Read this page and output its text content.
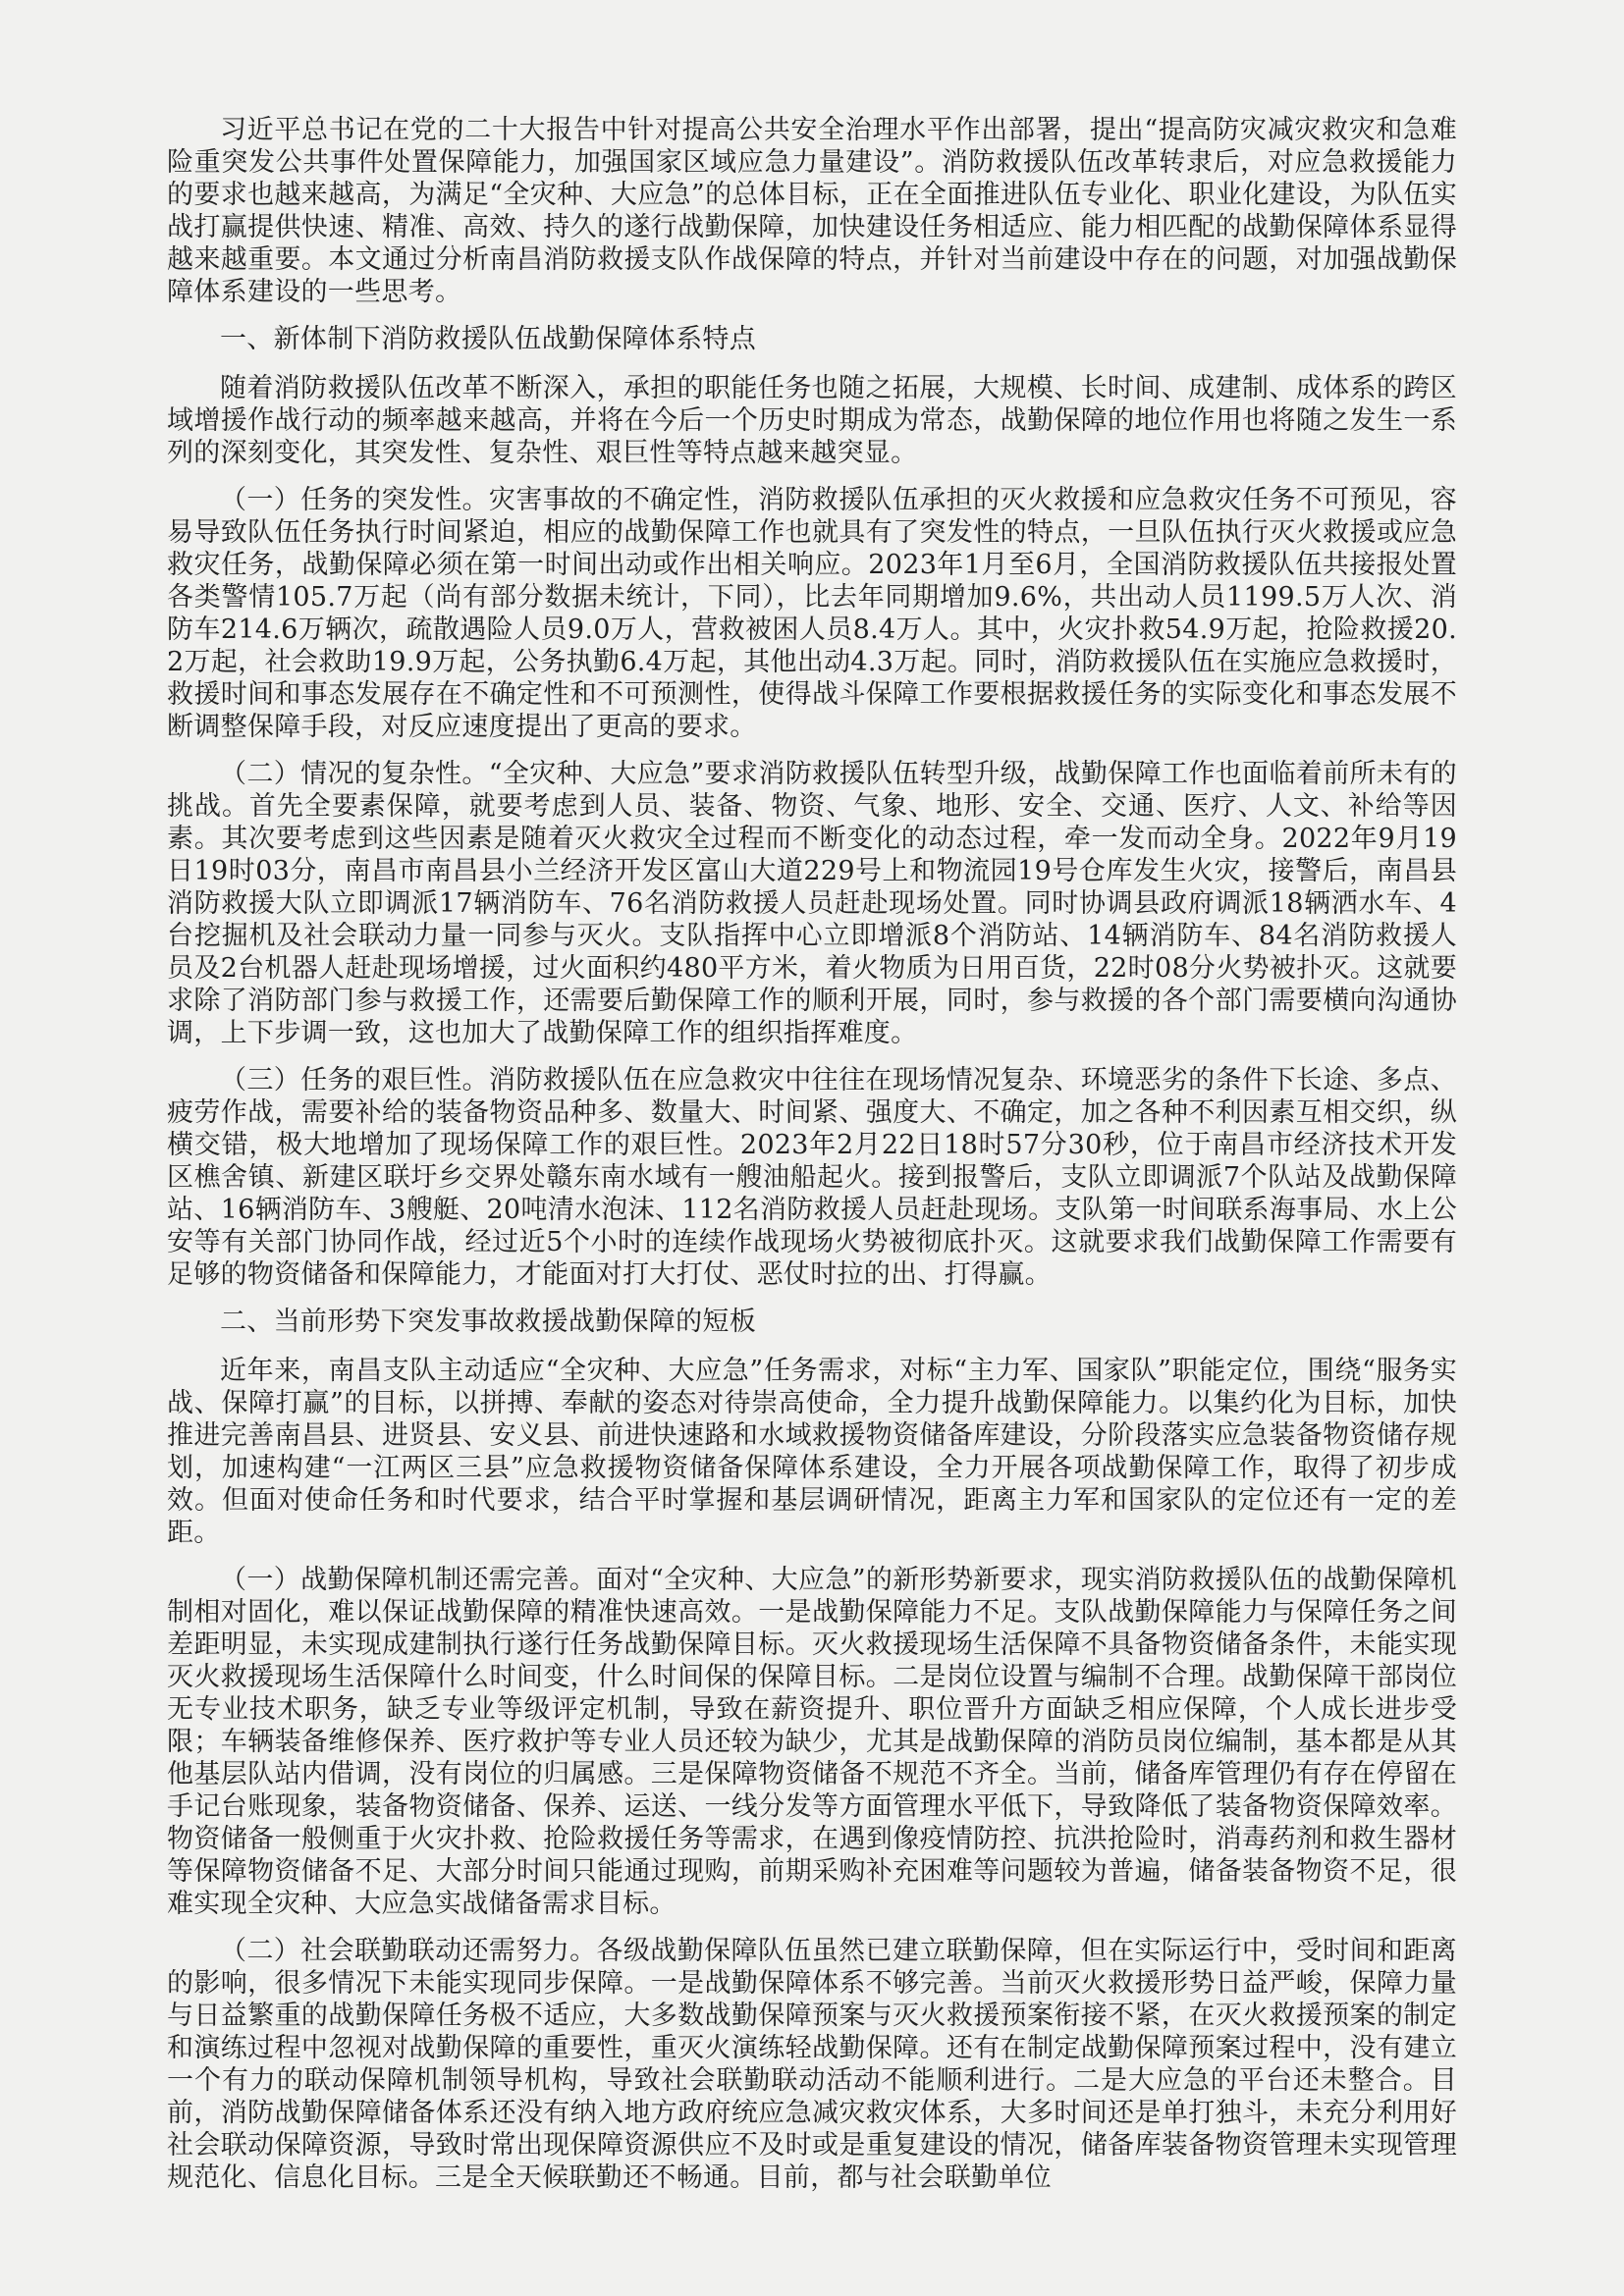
习近平总书记在党的二十大报告中针对提高公共安全治理水平作出部署，提出“提高防灾减灾救灾和急难险重突发公共事件处置保障能力，加强国家区域应急力量建设”。消防救援队伍改革转隶后，对应急救援能力的要求也越来越高，为满足“全灾种、大应急”的总体目标，正在全面推进队伍专业化、职业化建设，为队伍实战打赢提供快速、精准、高效、持久的遂行战勤保障，加快建设任务相适应、能力相匹配的战勤保障体系显得越来越重要。本文通过分析南昌消防救援支队作战保障的特点，并针对当前建设中存在的问题，对加强战勤保障体系建设的一些思考。

一、新体制下消防救援队伍战勤保障体系特点

随着消防救援队伍改革不断深入，承担的职能任务也随之拓展，大规模、长时间、成建制、成体系的跨区域增援作战行动的频率越来越高，并将在今后一个历史时期成为常态，战勤保障的地位作用也将随之发生一系列的深刻变化，其突发性、复杂性、艰巨性等特点越来越突显。

（一）任务的突发性。灾害事故的不确定性，消防救援队伍承担的灭火救援和应急救灾任务不可预见，容易导致队伍任务执行时间紧迫，相应的战勤保障工作也就具有了突发性的特点，一旦队伍执行灭火救援或应急救灾任务，战勤保障必须在第一时间出动或作出相关响应。2023年1月至6月，全国消防救援队伍共接报处置各类警情105.7万起（尚有部分数据未统计，下同），比去年同期增加9.6%，共出动人员1199.5万人次、消防车214.6万辆次，疏散遇险人员9.0万人，营救被困人员8.4万人。其中，火灾扑救54.9万起，抢险救援20.2万起，社会救助19.9万起，公务执勤6.4万起，其他出动4.3万起。同时，消防救援队伍在实施应急救援时，救援时间和事态发展存在不确定性和不可预测性，使得战斗保障工作要根据救援任务的实际变化和事态发展不断调整保障手段，对反应速度提出了更高的要求。

（二）情况的复杂性。“全灾种、大应急”要求消防救援队伍转型升级，战勤保障工作也面临着前所未有的挑战。首先全要素保障，就要考虑到人员、装备、物资、气象、地形、安全、交通、医疗、人文、补给等因素。其次要考虑到这些因素是随着灭火救灾全过程而不断变化的动态过程，牵一发而动全身。2022年9月19日19时03分，南昌市南昌县小兰经济开发区富山大道229号上和物流园19号仓库发生火灾，接警后，南昌县消防救援大队立即调派17辆消防车、76名消防救援人员赶赴现场处置。同时协调县政府调派18辆洒水车、4台挖掘机及社会联动力量一同参与灭火。支队指挥中心立即增派8个消防站、14辆消防车、84名消防救援人员及2台机器人赶赴现场增援，过火面积约480平方米，着火物质为日用百货，22时08分火势被扑灭。这就要求除了消防部门参与救援工作，还需要后勤保障工作的顺利开展，同时，参与救援的各个部门需要横向沟通协调，上下步调一致，这也加大了战勤保障工作的组织指挥难度。

（三）任务的艰巨性。消防救援队伍在应急救灾中往往在现场情况复杂、环境恶劣的条件下长途、多点、疲劳作战，需要补给的装备物资品种多、数量大、时间紧、强度大、不确定，加之各种不利因素互相交织，纵横交错，极大地增加了现场保障工作的艰巨性。2023年2月22日18时57分30秒，位于南昌市经济技术开发区樵舍镇、新建区联圩乡交界处赣东南水域有一艘油船起火。接到报警后，支队立即调派7个队站及战勤保障站、16辆消防车、3艘艇、20吨清水泡沫、112名消防救援人员赶赴现场。支队第一时间联系海事局、水上公安等有关部门协同作战，经过近5个小时的连续作战现场火势被彻底扑灭。这就要求我们战勤保障工作需要有足够的物资储备和保障能力，才能面对打大打仗、恶仗时拉的出、打得赢。

二、当前形势下突发事故救援战勤保障的短板

近年来，南昌支队主动适应“全灾种、大应急”任务需求，对标“主力军、国家队”职能定位，围绕“服务实战、保障打赢”的目标，以拼搏、奉献的姿态对待崇高使命，全力提升战勤保障能力。以集约化为目标，加快推进完善南昌县、进贤县、安义县、前进快速路和水域救援物资储备库建设，分阶段落实应急装备物资储存规划，加速构建“一江两区三县”应急救援物资储备保障体系建设，全力开展各项战勤保障工作，取得了初步成效。但面对使命任务和时代要求，结合平时掌握和基层调研情况，距离主力军和国家队的定位还有一定的差距。

（一）战勤保障机制还需完善。面对“全灾种、大应急”的新形势新要求，现实消防救援队伍的战勤保障机制相对固化，难以保证战勤保障的精准快速高效。一是战勤保障能力不足。支队战勤保障能力与保障任务之间差距明显，未实现成建制执行遂行任务战勤保障目标。灭火救援现场生活保障不具备物资储备条件，未能实现灭火救援现场生活保障什么时间变，什么时间保的保障目标。二是岗位设置与编制不合理。战勤保障干部岗位无专业技术职务，缺乏专业等级评定机制，导致在薪资提升、职位晋升方面缺乏相应保障，个人成长进步受限；车辆装备维修保养、医疗救护等专业人员还较为缺少，尤其是战勤保障的消防员岗位编制，基本都是从其他基层队站内借调，没有岗位的归属感。三是保障物资储备不规范不齐全。当前，储备库管理仍有存在停留在手记台账现象，装备物资储备、保养、运送、一线分发等方面管理水平低下，导致降低了装备物资保障效率。物资储备一般侧重于火灾扑救、抢险救援任务等需求，在遇到像疫情防控、抗洪抢险时，消毒药剂和救生器材等保障物资储备不足、大部分时间只能通过现购，前期采购补充困难等问题较为普遍，储备装备物资不足，很难实现全灾种、大应急实战储备需求目标。

（二）社会联勤联动还需努力。各级战勤保障队伍虽然已建立联勤保障，但在实际运行中，受时间和距离的影响，很多情况下未能实现同步保障。一是战勤保障体系不够完善。当前灭火救援形势日益严峻，保障力量与日益繁重的战勤保障任务极不适应，大多数战勤保障预案与灭火救援预案衔接不紧，在灭火救援预案的制定和演练过程中忽视对战勤保障的重要性，重灭火演练轻战勤保障。还有在制定战勤保障预案过程中，没有建立一个有力的联动保障机制领导机构，导致社会联勤联动活动不能顺利进行。二是大应急的平台还未整合。目前，消防战勤保障储备体系还没有纳入地方政府统应急减灾救灾体系，大多时间还是单打独斗，未充分利用好社会联动保障资源，导致时常出现保障资源供应不及时或是重复建设的情况，储备库装备物资管理未实现管理规范化、信息化目标。三是全天候联勤还不畅通。目前，都与社会联勤单位
